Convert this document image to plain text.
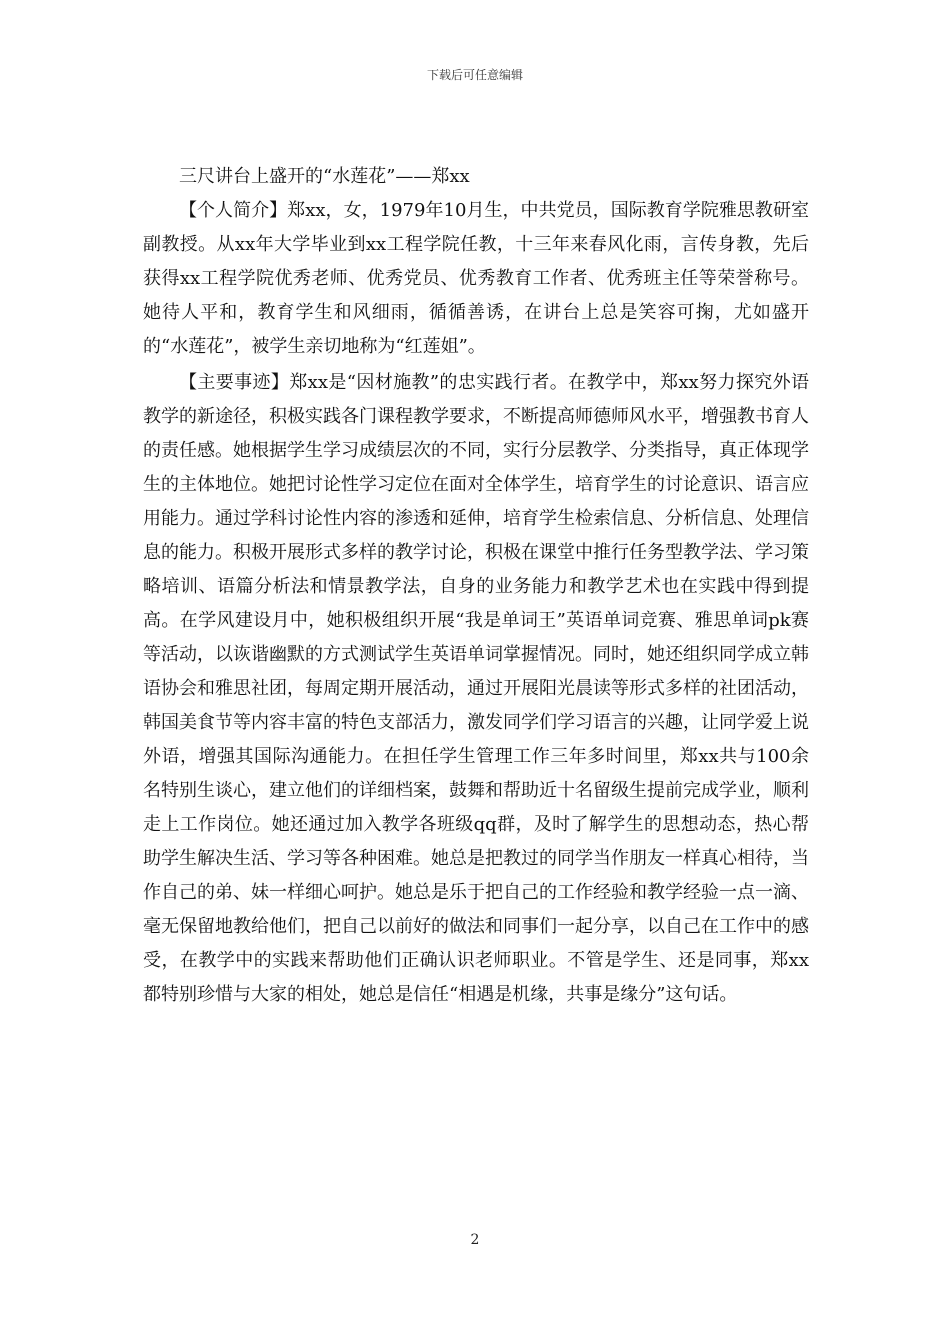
下载后可任意编辑

三尺讲台上盛开的“水莲花”——郑xx

【个人简介】郑xx，女，1979年10月生，中共党员，国际教育学院雅思教研室副教授。从xx年大学毕业到xx工程学院任教，十三年来春风化雨，言传身教，先后获得xx工程学院优秀老师、优秀党员、优秀教育工作者、优秀班主任等荣誉称号。她待人平和，教育学生和风细雨，循循善诱，在讲台上总是笑容可掬，尤如盛开的“水莲花”，被学生亲切地称为“红莲姐”。

【主要事迹】郑xx是“因材施教”的忠实践行者。在教学中，郑xx努力探究外语教学的新途径，积极实践各门课程教学要求，不断提高师德师风水平，增强教书育人的责任感。她根据学生学习成绩层次的不同，实行分层教学、分类指导，真正体现学生的主体地位。她把讨论性学习定位在面对全体学生，培育学生的讨论意识、语言应用能力。通过学科讨论性内容的渗透和延伸，培育学生检索信息、分析信息、处理信息的能力。积极开展形式多样的教学讨论，积极在课堂中推行任务型教学法、学习策略培训、语篇分析法和情景教学法，自身的业务能力和教学艺术也在实践中得到提高。在学风建设月中，她积极组织开展“我是单词王”英语单词竞赛、雅思单词pk赛等活动，以诙谐幽默的方式测试学生英语单词掌握情况。同时，她还组织同学成立韩语协会和雅思社团，每周定期开展活动，通过开展阳光晨读等形式多样的社团活动，韩国美食节等内容丰富的特色支部活力，激发同学们学习语言的兴趣，让同学爱上说外语，增强其国际沟通能力。在担任学生管理工作三年多时间里，郑xx共与100余名特别生谈心，建立他们的详细档案，鼓舞和帮助近十名留级生提前完成学业，顺利走上工作岗位。她还通过加入教学各班级qq群，及时了解学生的思想动态，热心帮助学生解决生活、学习等各种困难。她总是把教过的同学当作朋友一样真心相待，当作自己的弟、妹一样细心呵护。她总是乐于把自己的工作经验和教学经验一点一滴、毫无保留地教给他们，把自己以前好的做法和同事们一起分享，以自己在工作中的感受，在教学中的实践来帮助他们正确认识老师职业。不管是学生、还是同事，郑xx都特别珍惜与大家的相处，她总是信任“相遇是机缘，共事是缘分”这句话。

2
